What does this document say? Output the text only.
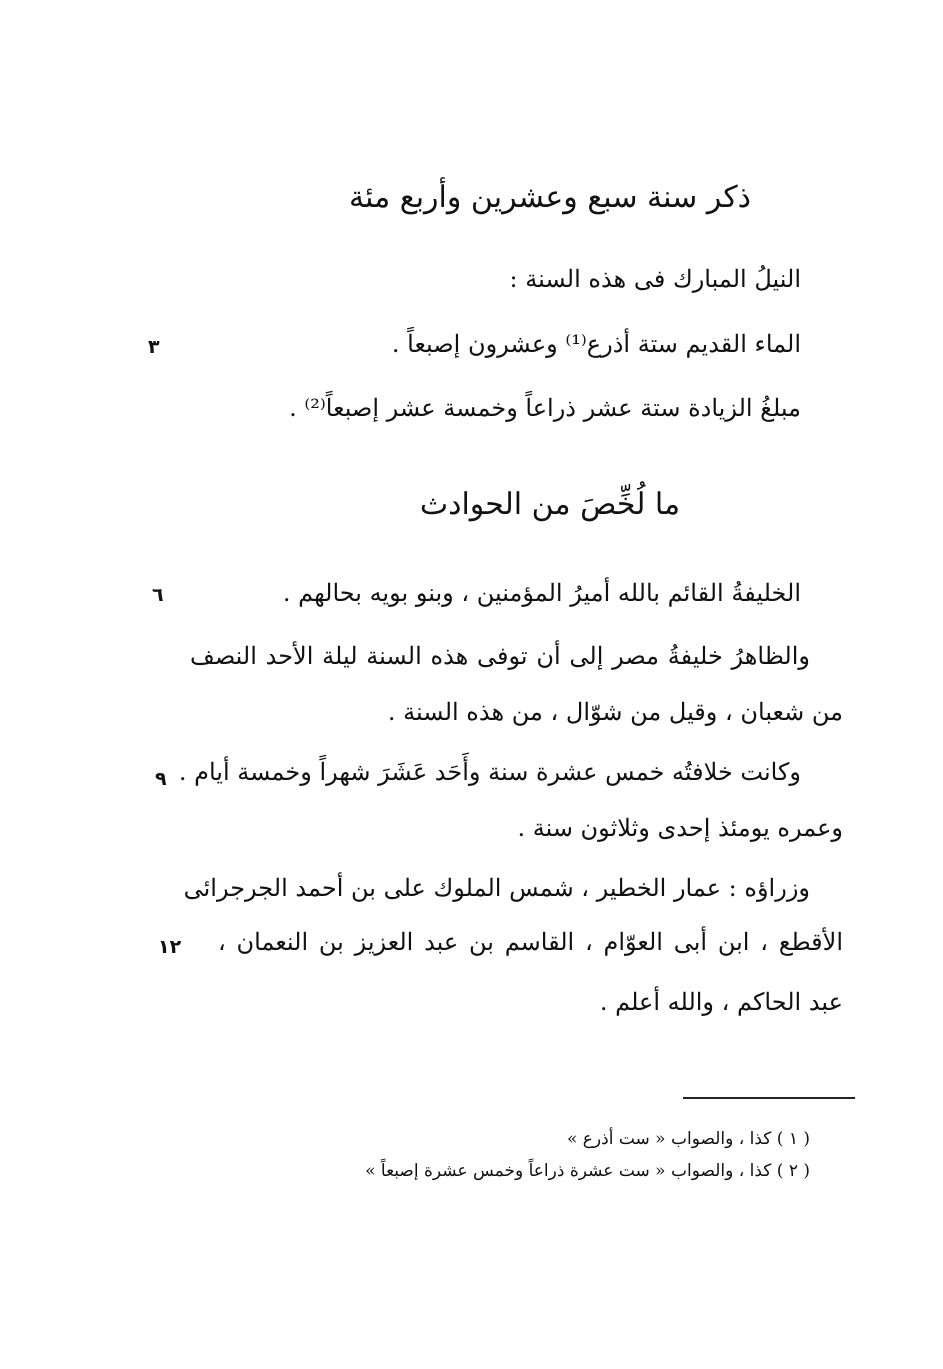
ذكر سنة سبع وعشرين وأربع مئة
النيلُ المبارك فى هذه السنة :
الماء القديم ستة أذرع⁽¹⁾ وعشرون إصبعاً .
٣
مبلغُ الزيادة ستة عشر ذراعاً وخمسة عشر إصبعاً⁽²⁾ .
ما لُخِّصَ من الحوادث
الخليفةُ القائم بالله أميرُ المؤمنين ، وبنو بويه بحالهم .
٦
والظاهرُ خليفةُ مصر إلى أن توفى هذه السنة ليلة الأحد النصف
من شعبان ، وقيل من شوّال ، من هذه السنة .
وكانت خلافتُه خمس عشرة سنة وأَحَد عَشَرَ شهراً وخمسة أيام .
٩
وعمره يومئذ إحدى وثلاثون سنة .
وزراؤه : عمار الخطير ، شمس الملوك على بن أحمد الجرجرائى
الأقطع ، ابن أبى العوّام ، القاسم بن عبد العزيز بن النعمان ،
١٢
عبد الحاكم ، والله أعلم .
( ١ ) كذا ، والصواب « ست أذرع »
( ٢ ) كذا ، والصواب « ست عشرة ذراعاً وخمس عشرة إصبعاً »
